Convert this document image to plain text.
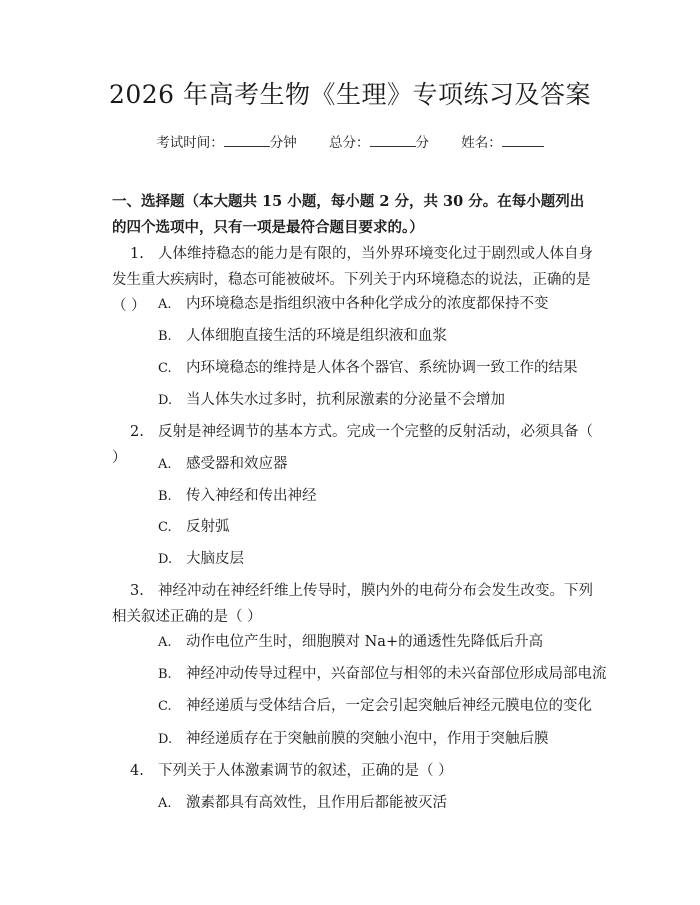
2026 年高考生物《生理》专项练习及答案
考试时间：	分钟 总分：	分 姓名：
一、选择题（本大题共 15 小题，每小题 2 分，共 30 分。在每小题列出的四个选项中，只有一项是最符合题目要求的。）
1. 人体维持稳态的能力是有限的，当外界环境变化过于剧烈或人体自身发生重大疾病时，稳态可能被破坏。下列关于内环境稳态的说法，正确的是（ ） A. 内环境稳态是指组织液中各种化学成分的浓度都保持不变
B. 人体细胞直接生活的环境是组织液和血浆
C. 内环境稳态的维持是人体各个器官、系统协调一致工作的结果
D. 当人体失水过多时，抗利尿激素的分泌量不会增加
2. 反射是神经调节的基本方式。完成一个完整的反射活动，必须具备（ ）	A. 感受器和效应器
B. 传入神经和传出神经
C. 反射弧
D. 大脑皮层
3. 神经冲动在神经纤维上传导时，膜内外的电荷分布会发生改变。下列相关叙述正确的是（ ）
A. 动作电位产生时，细胞膜对 Na+的通透性先降低后升高
B. 神经冲动传导过程中，兴奋部位与相邻的未兴奋部位形成局部电流
C. 神经递质与受体结合后，一定会引起突触后神经元膜电位的变化
D. 神经递质存在于突触前膜的突触小泡中，作用于突触后膜
4. 下列关于人体激素调节的叙述，正确的是（ ）
A. 激素都具有高效性，且作用后都能被灭活
